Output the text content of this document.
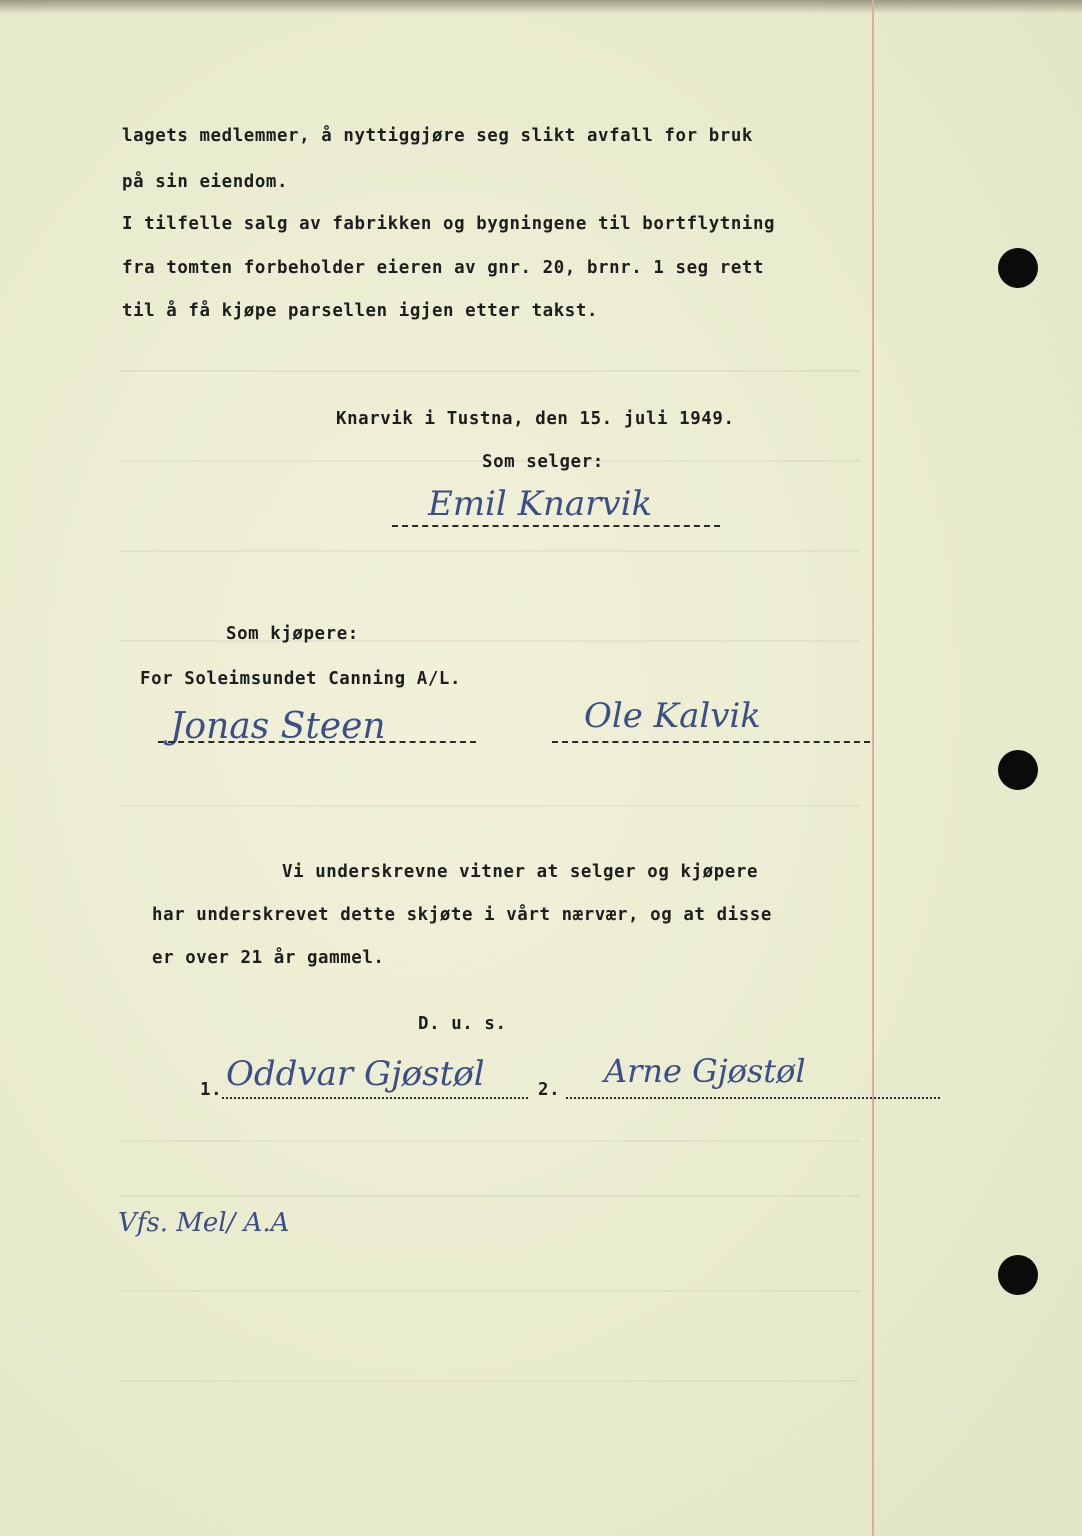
lagets medlemmer, å nyttiggjøre seg slikt avfall for bruk
på sin eiendom.
I tilfelle salg av fabrikken og bygningene til bortflytning
fra tomten forbeholder eieren av gnr. 20, brnr. 1 seg rett
til å få kjøpe parsellen igjen etter takst.
Knarvik i Tustna, den 15. juli 1949.
Som selger:
Emil Knarvik
Som kjøpere:
For Soleimsundet Canning A/L.
Jonas Steen	Ole Kalvik
Vi underskrevne vitner at selger og kjøpere
har underskrevet dette skjøte i vårt nærvær, og at disse
er over 21 år gammel.
D. u. s.
1. Oddvar Gjøstøl	2. Arne Gjøstøl
Vfs. Mel/ A.A
